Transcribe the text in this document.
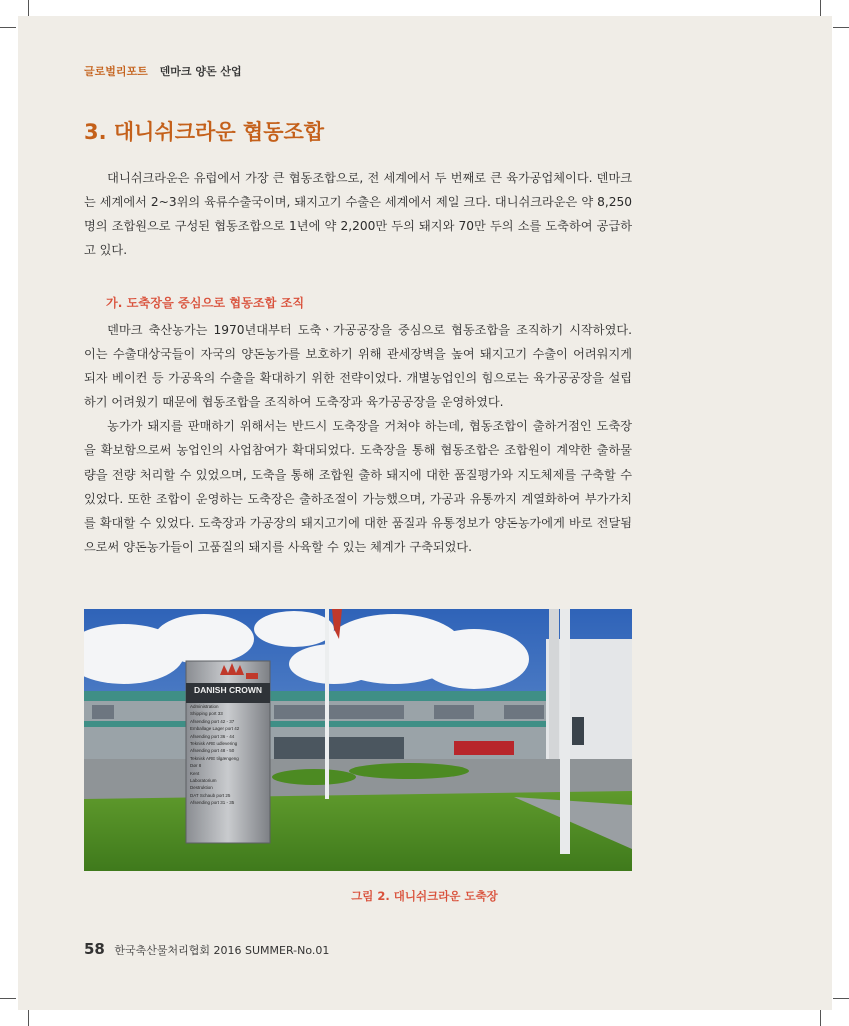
글로벌리포트 덴마크 양돈 산업
3. 대니쉬크라운 협동조합

대니쉬크라운은 유럽에서 가장 큰 협동조합으로, 전 세계에서 두 번째로 큰 육가공업체이다. 덴마크는 세계에서 2~3위의 육류수출국이며, 돼지고기 수출은 세계에서 제일 크다. 대니쉬크라운은 약 8,250명의 조합원으로 구성된 협동조합으로 1년에 약 2,200만 두의 돼지와 70만 두의 소를 도축하여 공급하고 있다.

가. 도축장을 중심으로 협동조합 조직

덴마크 축산농가는 1970년대부터 도축ㆍ가공공장을 중심으로 협동조합을 조직하기 시작하였다. 이는 수출대상국들이 자국의 양돈농가를 보호하기 위해 관세장벽을 높여 돼지고기 수출이 어려워지게 되자 베이컨 등 가공육의 수출을 확대하기 위한 전략이었다. 개별농업인의 힘으로는 육가공공장을 설립하기 어려웠기 때문에 협동조합을 조직하여 도축장과 육가공공장을 운영하였다.

농가가 돼지를 판매하기 위해서는 반드시 도축장을 거쳐야 하는데, 협동조합이 출하거점인 도축장을 확보함으로써 농업인의 사업참여가 확대되었다. 도축장을 통해 협동조합은 조합원이 계약한 출하물량을 전량 처리할 수 있었으며, 도축을 통해 조합원 출하 돼지에 대한 품질평가와 지도체제를 구축할 수 있었다. 또한 조합이 운영하는 도축장은 출하조절이 가능했으며, 가공과 유통까지 계열화하여 부가가치를 확대할 수 있었다. 도축장과 가공장의 돼지고기에 대한 품질과 유통정보가 양돈농가에게 바로 전달됨으로써 양돈농가들이 고품질의 돼지를 사육할 수 있는 체계가 구축되었다.

DANISH CROWN
Administration
Shipping port 33
Afsending port 42 - 37
Emballage Lager port 42
Afsending port 36 - 44
Teknisk ARE udlevering
Afsending port 48 - 50
Teknisk ARE tilgængeng
Dør 8
Kent
Laboratorium
Destruktion
DAT Schaub port 25
Afsending port 31 - 35
그림 2. 대니쉬크라운 도축장
58 한국축산물처리협회 2016 SUMMER-No.01
